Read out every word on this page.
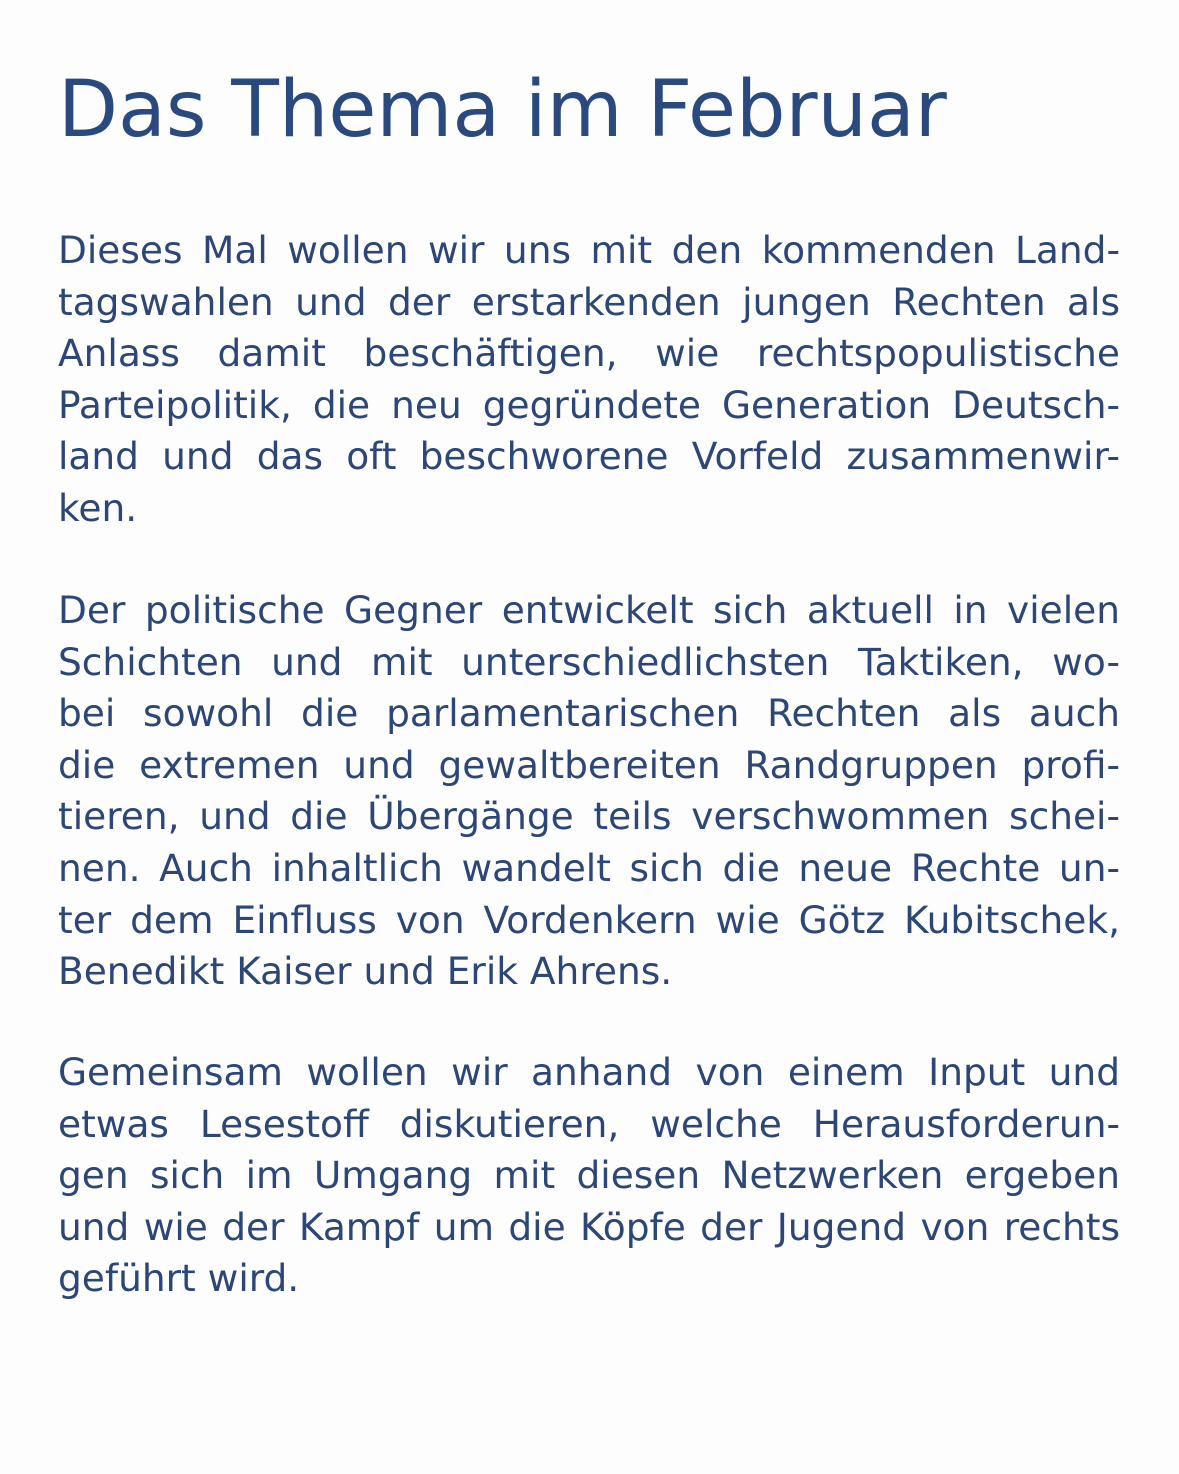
Das Thema im Februar
Dieses Mal wollen wir uns mit den kommenden Land-
tagswahlen und der erstarkenden jungen Rechten als
Anlass damit beschäftigen, wie rechtspopulistische
Parteipolitik, die neu gegründete Generation Deutsch-
land und das oft beschworene Vorfeld zusammenwir-
ken.
Der politische Gegner entwickelt sich aktuell in vielen
Schichten und mit unterschiedlichsten Taktiken, wo-
bei sowohl die parlamentarischen Rechten als auch
die extremen und gewaltbereiten Randgruppen profi-
tieren, und die Übergänge teils verschwommen schei-
nen. Auch inhaltlich wandelt sich die neue Rechte un-
ter dem Einfluss von Vordenkern wie Götz Kubitschek,
Benedikt Kaiser und Erik Ahrens.
Gemeinsam wollen wir anhand von einem Input und
etwas Lesestoff diskutieren, welche Herausforderun-
gen sich im Umgang mit diesen Netzwerken ergeben
und wie der Kampf um die Köpfe der Jugend von rechts
geführt wird.
